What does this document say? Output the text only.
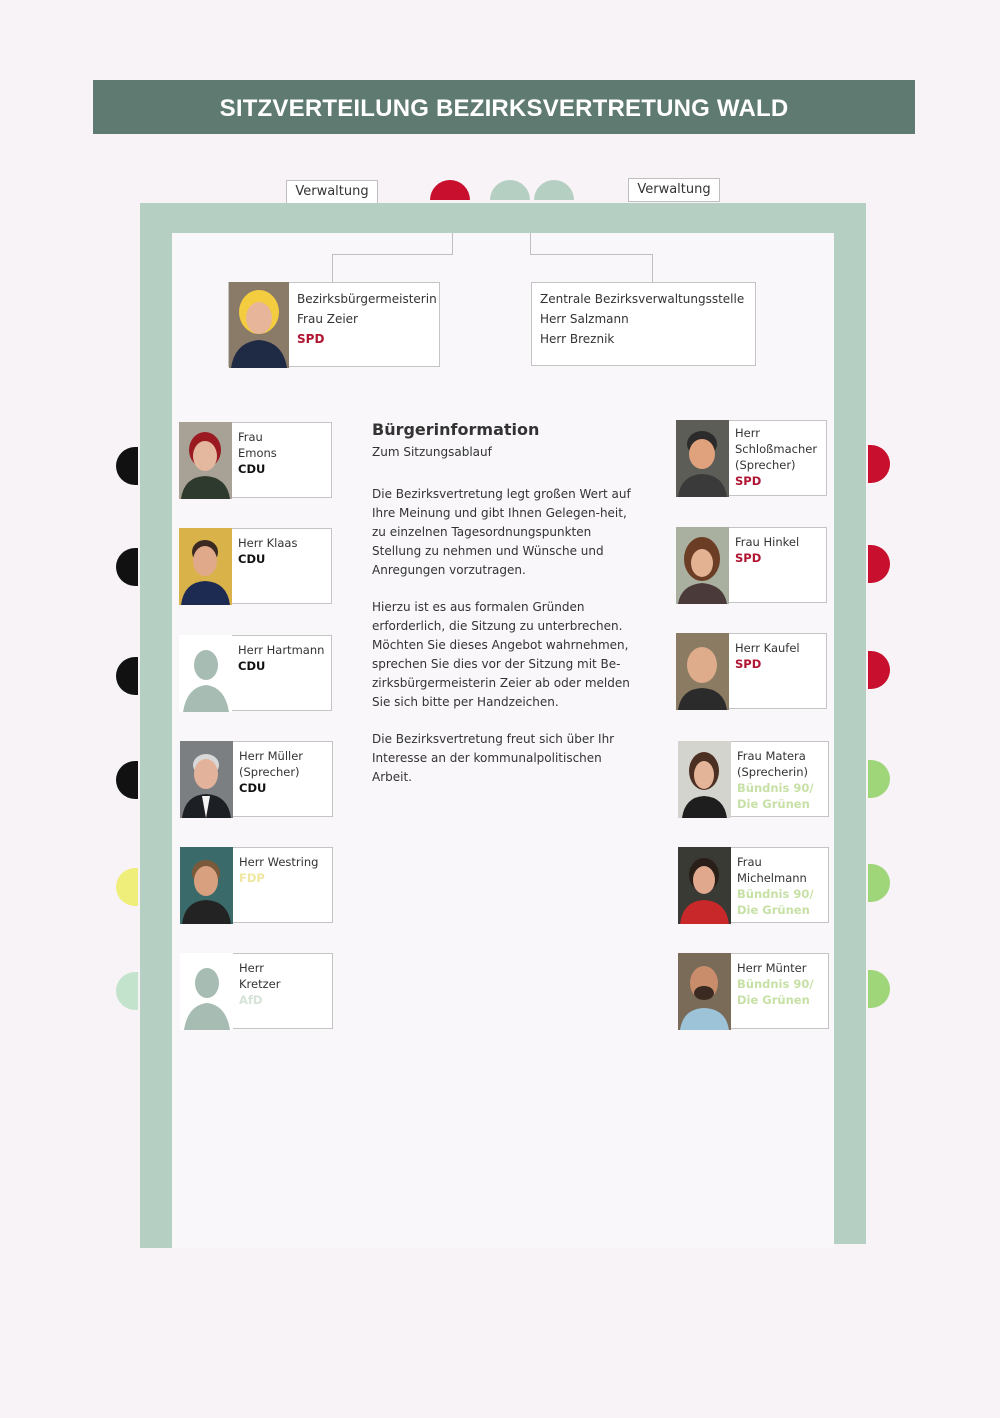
SITZVERTEILUNG BEZIRKSVERTRETUNG WALD
Verwaltung	Verwaltung
Bezirksbürgermeisterin
Frau Zeier
SPD
Zentrale Bezirksverwaltungsstelle
Herr Salzmann
Herr Breznik
Frau
Emons
CDU
Herr Klaas
CDU
Herr Hartmann
CDU
Herr Müller
(Sprecher)
CDU
Herr Westring
FDP
Herr
Kretzer
AfD
Herr
Schloßmacher
(Sprecher)
SPD
Frau Hinkel
SPD
Herr Kaufel
SPD
Frau Matera
(Sprecherin)
Bündnis 90/ Die Grünen
Frau
Michelmann
Bündnis 90/ Die Grünen
Herr Münter
Bündnis 90/ Die Grünen
Bürgerinformation
Zum Sitzungsablauf
Die Bezirksvertretung legt großen Wert auf Ihre Meinung und gibt Ihnen Gelegen-heit, zu einzelnen Tagesordnungspunkten Stellung zu nehmen und Wünsche und Anregungen vorzutragen.
Hierzu ist es aus formalen Gründen erforderlich, die Sitzung zu unterbrechen. Möchten Sie dieses Angebot wahrnehmen, sprechen Sie dies vor der Sitzung mit Be-zirksbürgermeisterin Zeier ab oder melden Sie sich bitte per Handzeichen.
Die Bezirksvertretung freut sich über Ihr Interesse an der kommunalpolitischen Arbeit.
